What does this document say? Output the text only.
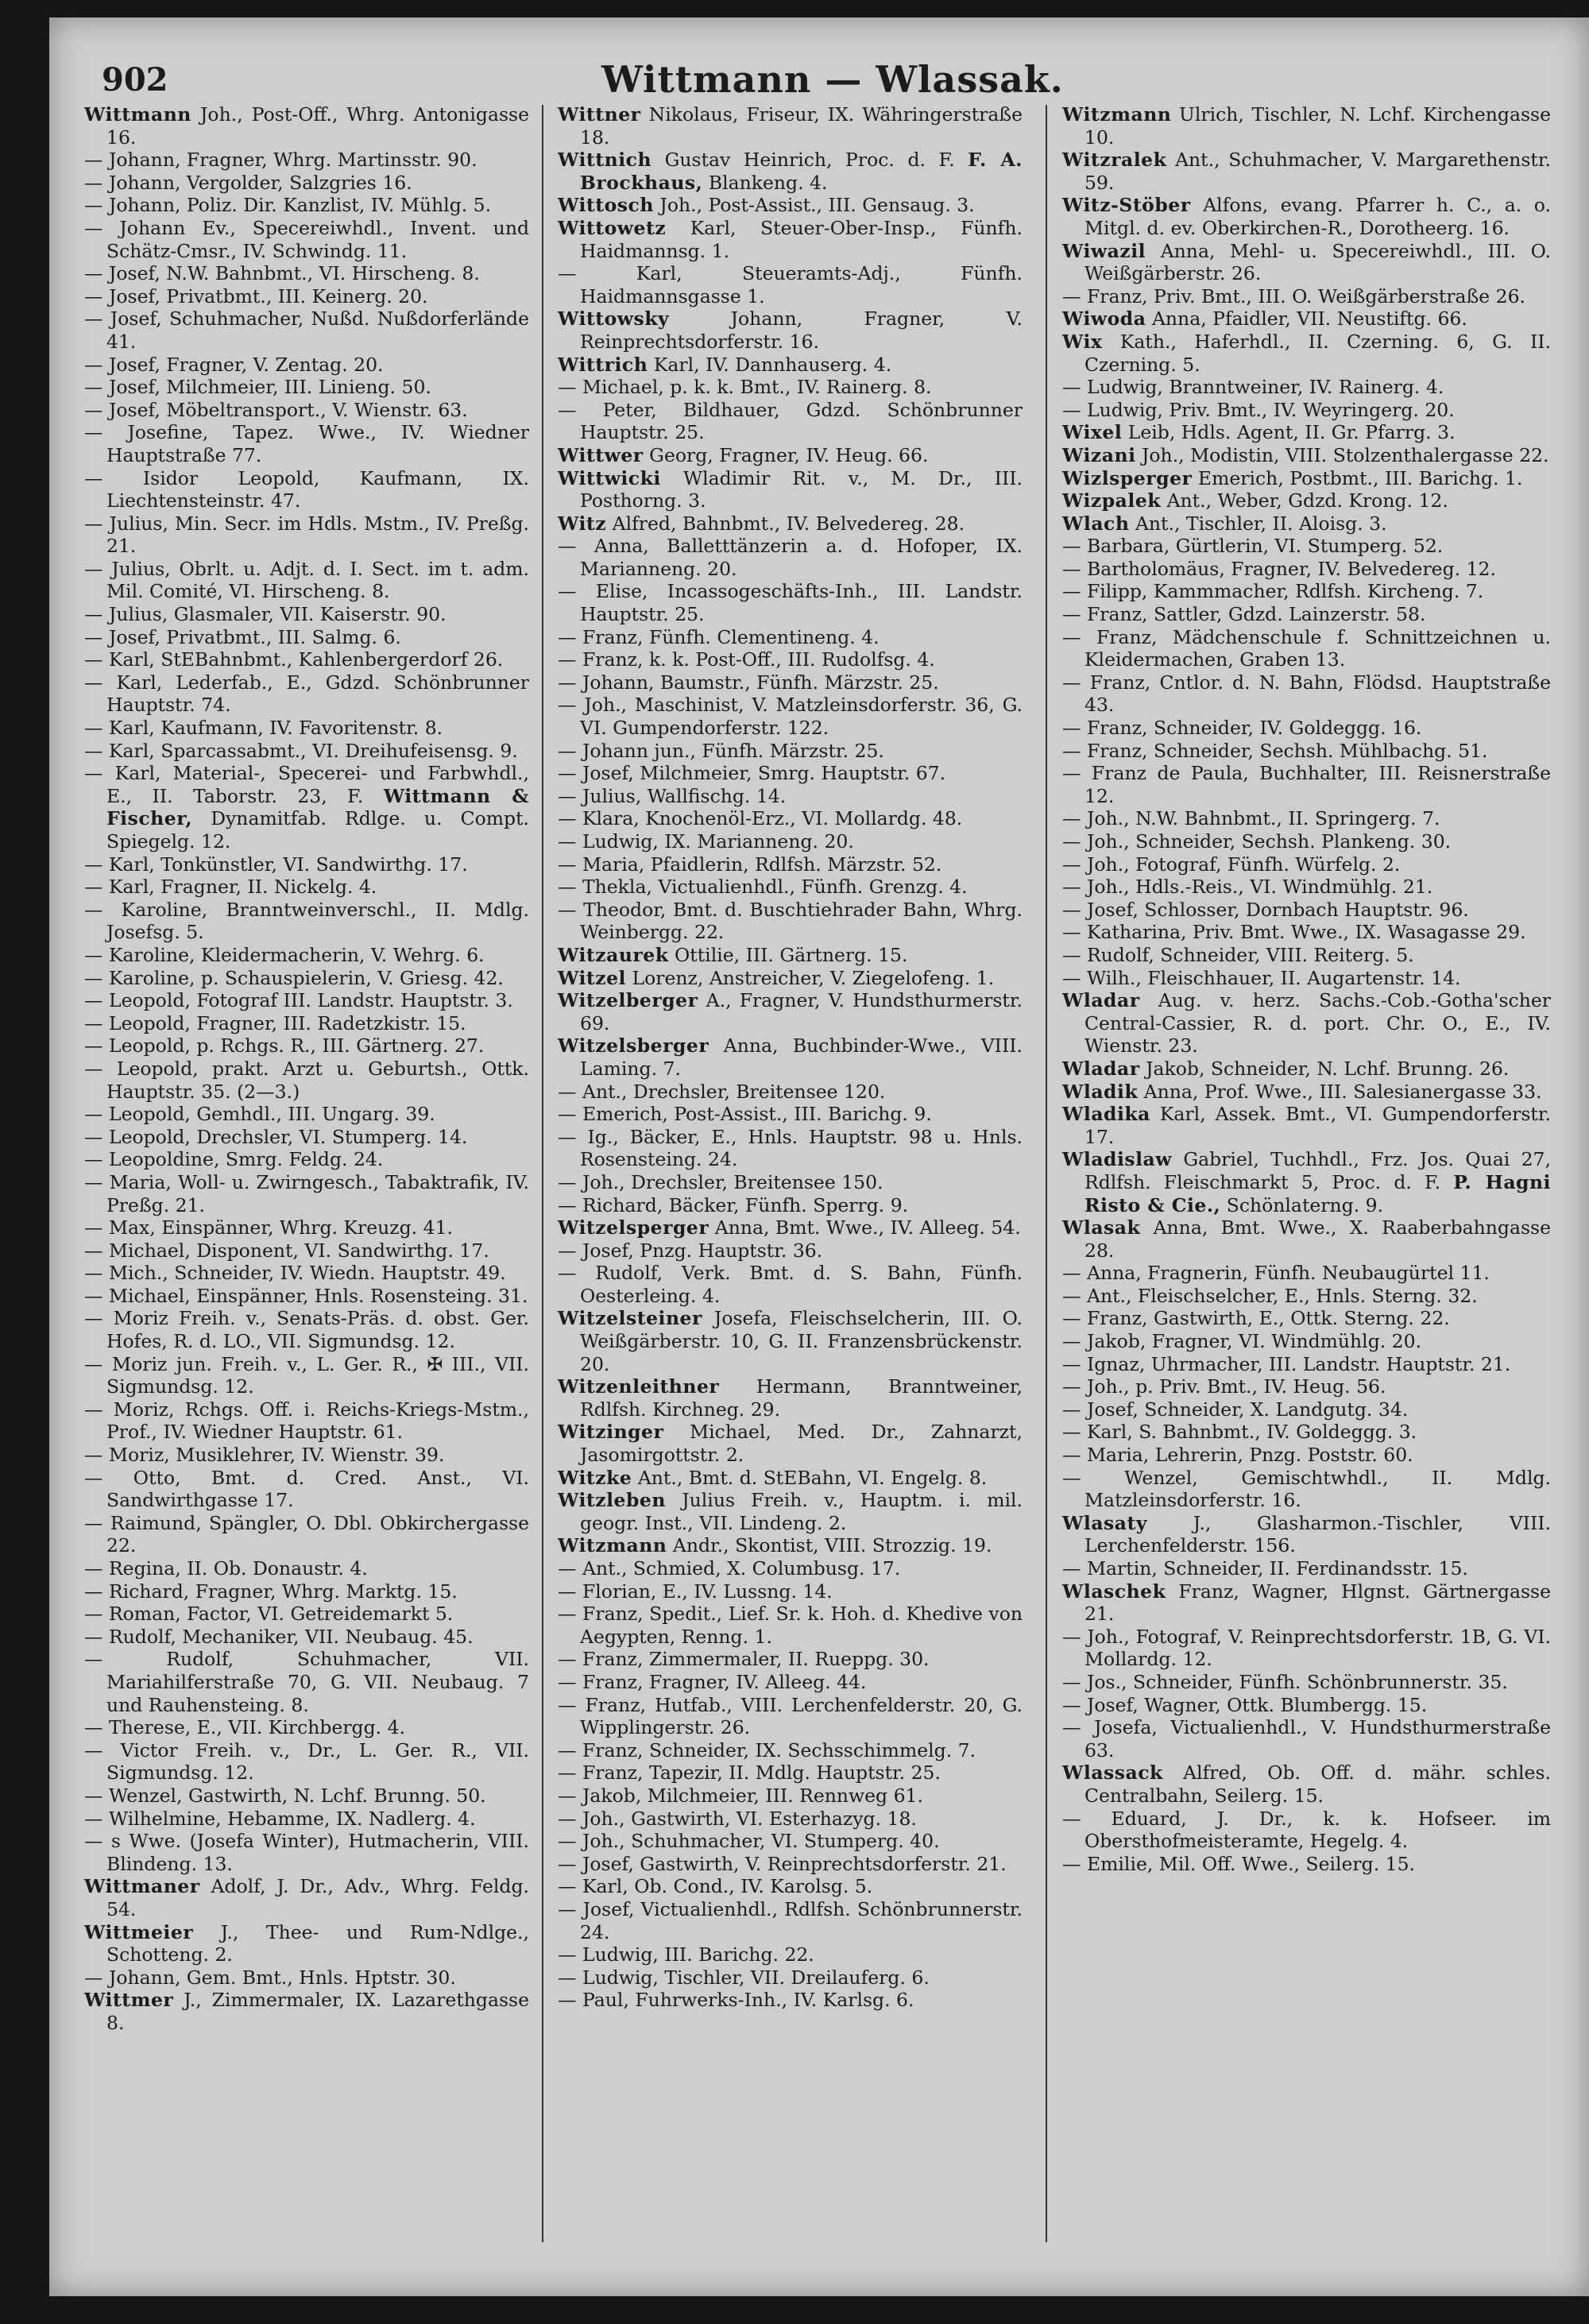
902	Wittmann — Wlassak.
Wittmann Joh., Post-Off., Whrg. Antonigasse 16.
— Johann, Fragner, Whrg. Martinsstr. 90.
— Johann, Vergolder, Salzgries 16.
— Johann, Poliz. Dir. Kanzlist, IV. Mühlg. 5.
— Johann Ev., Specereiwhdl., Invent. und Schätz-Cmsr., IV. Schwindg. 11.
— Josef, N.W. Bahnbmt., VI. Hirscheng. 8.
— Josef, Privatbmt., III. Keinerg. 20.
— Josef, Schuhmacher, Nußd. Nußdorferlände 41.
— Josef, Fragner, V. Zentag. 20.
— Josef, Milchmeier, III. Linieng. 50.
— Josef, Möbeltransport., V. Wienstr. 63.
— Josefine, Tapez. Wwe., IV. Wiedner Hauptstraße 77.
— Isidor Leopold, Kaufmann, IX. Liechtensteinstr. 47.
— Julius, Min. Secr. im Hdls. Mstm., IV. Preßg. 21.
— Julius, Obrlt. u. Adjt. d. I. Sect. im t. adm. Mil. Comité, VI. Hirscheng. 8.
— Julius, Glasmaler, VII. Kaiserstr. 90.
— Josef, Privatbmt., III. Salmg. 6.
— Karl, StEBahnbmt., Kahlenbergerdorf 26.
— Karl, Lederfab., E., Gdzd. Schönbrunner Hauptstr. 74.
— Karl, Kaufmann, IV. Favoritenstr. 8.
— Karl, Sparcassabmt., VI. Dreihufeisensg. 9.
— Karl, Material-, Specerei- und Farbwhdl., E., II. Taborstr. 23, F. Wittmann & Fischer, Dynamitfab. Rdlge. u. Compt. Spiegelg. 12.
— Karl, Tonkünstler, VI. Sandwirthg. 17.
— Karl, Fragner, II. Nickelg. 4.
— Karoline, Branntweinverschl., II. Mdlg. Josefsg. 5.
— Karoline, Kleidermacherin, V. Wehrg. 6.
— Karoline, p. Schauspielerin, V. Griesg. 42.
— Leopold, Fotograf III. Landstr. Hauptstr. 3.
— Leopold, Fragner, III. Radetzkistr. 15.
— Leopold, p. Rchgs. R., III. Gärtnerg. 27.
— Leopold, prakt. Arzt u. Geburtsh., Ottk. Hauptstr. 35. (2—3.)
— Leopold, Gemhdl., III. Ungarg. 39.
— Leopold, Drechsler, VI. Stumperg. 14.
— Leopoldine, Smrg. Feldg. 24.
— Maria, Woll- u. Zwirngesch., Tabaktrafik, IV. Preßg. 21.
— Max, Einspänner, Whrg. Kreuzg. 41.
— Michael, Disponent, VI. Sandwirthg. 17.
— Mich., Schneider, IV. Wiedn. Hauptstr. 49.
— Michael, Einspänner, Hnls. Rosensteing. 31.
— Moriz Freih. v., Senats-Präs. d. obst. Ger. Hofes, R. d. LO., VII. Sigmundsg. 12.
— Moriz jun. Freih. v., L. Ger. R., ✠ III., VII. Sigmundsg. 12.
— Moriz, Rchgs. Off. i. Reichs-Kriegs-Mstm., Prof., IV. Wiedner Hauptstr. 61.
— Moriz, Musiklehrer, IV. Wienstr. 39.
— Otto, Bmt. d. Cred. Anst., VI. Sandwirthgasse 17.
— Raimund, Spängler, O. Dbl. Obkirchergasse 22.
— Regina, II. Ob. Donaustr. 4.
— Richard, Fragner, Whrg. Marktg. 15.
— Roman, Factor, VI. Getreidemarkt 5.
— Rudolf, Mechaniker, VII. Neubaug. 45.
— Rudolf, Schuhmacher, VII. Mariahilferstraße 70, G. VII. Neubaug. 7 und Rauhensteing. 8.
— Therese, E., VII. Kirchbergg. 4.
— Victor Freih. v., Dr., L. Ger. R., VII. Sigmundsg. 12.
— Wenzel, Gastwirth, N. Lchf. Brunng. 50.
— Wilhelmine, Hebamme, IX. Nadlerg. 4.
— s Wwe. (Josefa Winter), Hutmacherin, VIII. Blindeng. 13.
Wittmaner Adolf, J. Dr., Adv., Whrg. Feldg. 54.
Wittmeier J., Thee- und Rum-Ndlge., Schotteng. 2.
— Johann, Gem. Bmt., Hnls. Hptstr. 30.
Wittmer J., Zimmermaler, IX. Lazarethgasse 8.
Wittner Nikolaus, Friseur, IX. Währingerstraße 18.
Wittnich Gustav Heinrich, Proc. d. F. F. A. Brockhaus, Blankeng. 4.
Wittosch Joh., Post-Assist., III. Gensaug. 3.
Wittowetz Karl, Steuer-Ober-Insp., Fünfh. Haidmannsg. 1.
— Karl, Steueramts-Adj., Fünfh. Haidmannsgasse 1.
Wittowsky	Johann, Fragner, V. Reinprechtsdorferstr. 16.
Wittrich Karl, IV. Dannhauserg. 4.
— Michael, p. k. k. Bmt., IV. Rainerg. 8.
— Peter, Bildhauer, Gdzd. Schönbrunner Hauptstr. 25.
Wittwer Georg, Fragner, IV. Heug. 66.
Wittwicki Wladimir Rit. v., M. Dr., III. Posthorng. 3.
Witz Alfred, Bahnbmt., IV. Belvedereg. 28.
— Anna, Balletttänzerin a. d. Hofoper, IX. Marianneng. 20.
— Elise, Incassogeschäfts-Inh., III. Landstr. Hauptstr. 25.
— Franz, Fünfh. Clementineng. 4.
— Franz, k. k. Post-Off., III. Rudolfsg. 4.
— Johann, Baumstr., Fünfh. Märzstr. 25.
— Joh., Maschinist, V. Matzleinsdorferstr. 36, G. VI. Gumpendorferstr. 122.
— Johann jun., Fünfh. Märzstr. 25.
— Josef, Milchmeier, Smrg. Hauptstr. 67.
— Julius, Wallfischg. 14.
— Klara, Knochenöl-Erz., VI. Mollardg. 48.
— Ludwig, IX. Marianneng. 20.
— Maria, Pfaidlerin, Rdlfsh. Märzstr. 52.
— Thekla, Victualienhdl., Fünfh. Grenzg. 4.
— Theodor, Bmt. d. Buschtiehrader Bahn, Whrg. Weinbergg. 22.
Witzaurek Ottilie, III. Gärtnerg. 15.
Witzel Lorenz, Anstreicher, V. Ziegelofeng. 1.
Witzelberger A., Fragner, V. Hundsthurmerstr. 69.
Witzelsberger Anna, Buchbinder-Wwe., VIII. Laming. 7.
— Ant., Drechsler, Breitensee 120.
— Emerich, Post-Assist., III. Barichg. 9.
— Ig., Bäcker, E., Hnls. Hauptstr. 98 u. Hnls. Rosensteing. 24.
— Joh., Drechsler, Breitensee 150.
— Richard, Bäcker, Fünfh. Sperrg. 9.
Witzelsperger Anna, Bmt. Wwe., IV. Alleeg. 54.
— Josef, Pnzg. Hauptstr. 36.
— Rudolf, Verk. Bmt. d. S. Bahn, Fünfh. Oesterleing. 4.
Witzelsteiner Josefa, Fleischselcherin, III. O. Weißgärberstr. 10, G. II. Franzensbrückenstr. 20.
Witzenleithner Hermann, Branntweiner, Rdlfsh. Kirchneg. 29.
Witzinger Michael, Med. Dr., Zahnarzt, Jasomirgottstr. 2.
Witzke Ant., Bmt. d. StEBahn, VI. Engelg. 8.
Witzleben Julius Freih. v., Hauptm. i. mil. geogr. Inst., VII. Lindeng. 2.
Witzmann Andr., Skontist, VIII. Strozzig. 19.
— Ant., Schmied, X. Columbusg. 17.
— Florian, E., IV. Lussng. 14.
— Franz, Spedit., Lief. Sr. k. Hoh. d. Khedive von Aegypten, Renng. 1.
— Franz, Zimmermaler, II. Rueppg. 30.
— Franz, Fragner, IV. Alleeg. 44.
— Franz, Hutfab., VIII. Lerchenfelderstr. 20, G. Wipplingerstr. 26.
— Franz, Schneider, IX. Sechsschimmelg. 7.
— Franz, Tapezir, II. Mdlg. Hauptstr. 25.
— Jakob, Milchmeier, III. Rennweg 61.
— Joh., Gastwirth, VI. Esterhazyg. 18.
— Joh., Schuhmacher, VI. Stumperg. 40.
— Josef, Gastwirth, V. Reinprechtsdorferstr. 21.
— Karl, Ob. Cond., IV. Karolsg. 5.
— Josef, Victualienhdl., Rdlfsh. Schönbrunnerstr. 24.
— Ludwig, III. Barichg. 22.
— Ludwig, Tischler, VII. Dreilauferg. 6.
— Paul, Fuhrwerks-Inh., IV. Karlsg. 6.
Witzmann Ulrich, Tischler, N. Lchf. Kirchengasse 10.
Witzralek Ant., Schuhmacher, V. Margarethenstr. 59.
Witz-Stöber Alfons, evang. Pfarrer h. C., a. o. Mitgl. d. ev. Oberkirchen-R., Dorotheerg. 16.
Wiwazil Anna, Mehl- u. Specereiwhdl., III. O. Weißgärberstr. 26.
— Franz, Priv. Bmt., III. O. Weißgärberstraße 26.
Wiwoda Anna, Pfaidler, VII. Neustiftg. 66.
Wix Kath., Haferhdl., II. Czerning. 6, G. II. Czerning. 5.
— Ludwig, Branntweiner, IV. Rainerg. 4.
— Ludwig, Priv. Bmt., IV. Weyringerg. 20.
Wixel Leib, Hdls. Agent, II. Gr. Pfarrg. 3.
Wizani Joh., Modistin, VIII. Stolzenthalergasse 22.
Wizlsperger Emerich, Postbmt., III. Barichg. 1.
Wizpalek Ant., Weber, Gdzd. Krong. 12.
Wlach Ant., Tischler, II. Aloisg. 3.
— Barbara, Gürtlerin, VI. Stumperg. 52.
— Bartholomäus, Fragner, IV. Belvedereg. 12.
— Filipp, Kammmacher, Rdlfsh. Kircheng. 7.
— Franz, Sattler, Gdzd. Lainzerstr. 58.
— Franz, Mädchenschule f. Schnittzeichnen u. Kleidermachen, Graben 13.
— Franz, Cntlor. d. N. Bahn, Flödsd. Hauptstraße 43.
— Franz, Schneider, IV. Goldeggg. 16.
— Franz, Schneider, Sechsh. Mühlbachg. 51.
— Franz de Paula, Buchhalter, III. Reisnerstraße 12.
— Joh., N.W. Bahnbmt., II. Springerg. 7.
— Joh., Schneider, Sechsh. Plankeng. 30.
— Joh., Fotograf, Fünfh. Würfelg. 2.
— Joh., Hdls.-Reis., VI. Windmühlg. 21.
— Josef, Schlosser, Dornbach Hauptstr. 96.
— Katharina, Priv. Bmt. Wwe., IX. Wasagasse 29.
— Rudolf, Schneider, VIII. Reiterg. 5.
— Wilh., Fleischhauer, II. Augartenstr. 14.
Wladar Aug. v. herz. Sachs.-Cob.-Gotha'scher Central-Cassier, R. d. port. Chr. O., E., IV. Wienstr. 23.
Wladar Jakob, Schneider, N. Lchf. Brunng. 26.
Wladik Anna, Prof. Wwe., III. Salesianergasse 33.
Wladika Karl, Assek. Bmt., VI. Gumpendorferstr. 17.
Wladislaw Gabriel, Tuchhdl., Frz. Jos. Quai 27, Rdlfsh. Fleischmarkt 5, Proc. d. F. P. Hagni Risto & Cie., Schönlaterng. 9.
Wlasak Anna, Bmt. Wwe., X. Raaberbahngasse 28.
— Anna, Fragnerin, Fünfh. Neubaugürtel 11.
— Ant., Fleischselcher, E., Hnls. Sterng. 32.
— Franz, Gastwirth, E., Ottk. Sterng. 22.
— Jakob, Fragner, VI. Windmühlg. 20.
— Ignaz, Uhrmacher, III. Landstr. Hauptstr. 21.
— Joh., p. Priv. Bmt., IV. Heug. 56.
— Josef, Schneider, X. Landgutg. 34.
— Karl, S. Bahnbmt., IV. Goldeggg. 3.
— Maria, Lehrerin, Pnzg. Poststr. 60.
— Wenzel, Gemischtwhdl., II. Mdlg. Matzleinsdorferstr. 16.
Wlasaty J., Glasharmon.-Tischler, VIII. Lerchenfelderstr. 156.
— Martin, Schneider, II. Ferdinandsstr. 15.
Wlaschek Franz, Wagner, Hlgnst. Gärtnergasse 21.
— Joh., Fotograf, V. Reinprechtsdorferstr. 1B, G. VI. Mollardg. 12.
— Jos., Schneider, Fünfh. Schönbrunnerstr. 35.
— Josef, Wagner, Ottk. Blumbergg. 15.
— Josefa, Victualienhdl., V. Hundsthurmerstraße 63.
Wlassack Alfred, Ob. Off. d. mähr. schles. Centralbahn, Seilerg. 15.
— Eduard, J. Dr., k. k. Hofseer. im Obersthofmeisteramte, Hegelg. 4.
— Emilie, Mil. Off. Wwe., Seilerg. 15.
